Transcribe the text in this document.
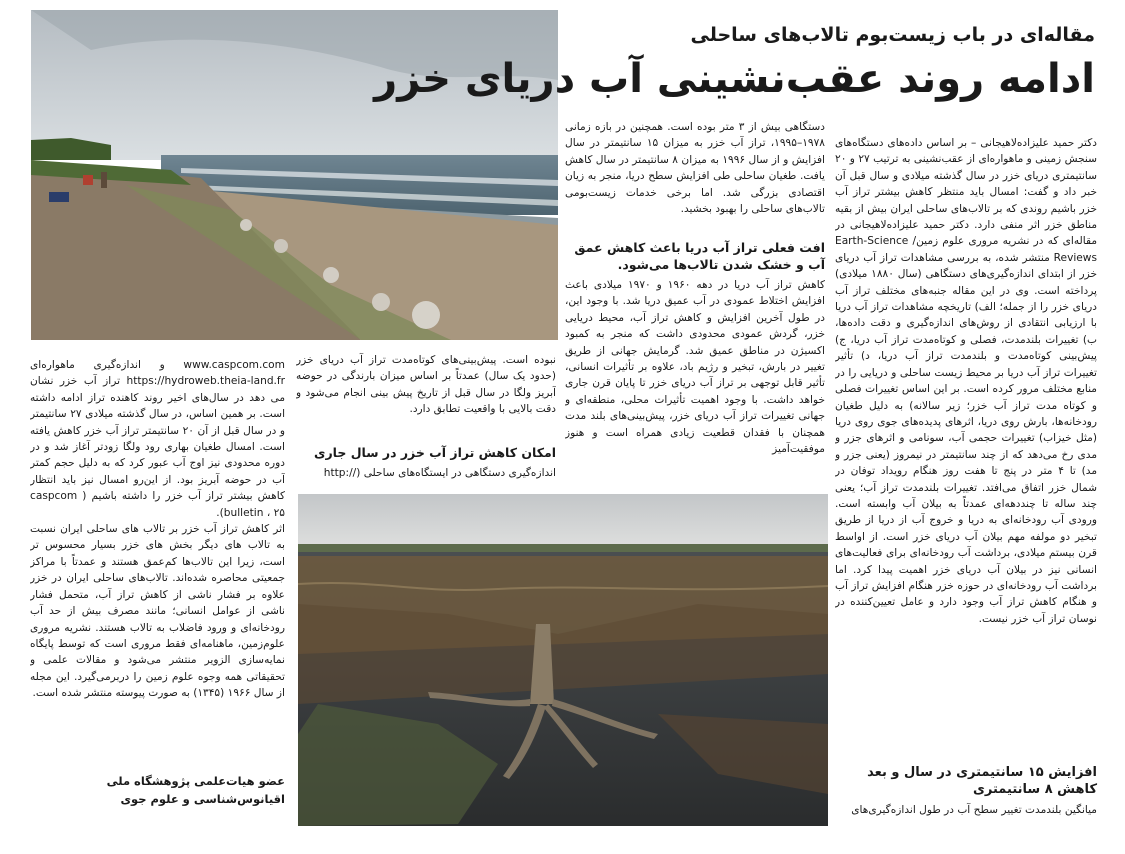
مقاله‌ای در باب زیست‌بوم تالاب‌های ساحلی
ادامه روند عقب‌نشینی آب دریای خزر

دکتر حمید علیزاده‌لاهیجانی – بر اساس داده‌های دستگاه‌های سنجش زمینی و ماهواره‌ای از عقب‌نشینی به ترتیب ۲۷ و ۲۰ سانتیمتری دریای خزر در سال گذشته میلادی و سال قبل آن خبر داد و گفت: امسال باید منتظر کاهش بیشتر تراز آب خزر باشیم روندی که بر تالاب‌های ساحلی ایران بیش از بقیه مناطق خزر اثر منفی دارد. دکتر حمید علیزاده‌لاهیجانی در مقاله‌ای که در نشریه مروری علوم زمین/ Earth-Science Reviews منتشر شده، به بررسی مشاهدات تراز آب دریای خزر از ابتدای اندازه‌گیری‌های دستگاهی (سال ۱۸۸۰ میلادی) پرداخته است. وی در این مقاله جنبه‌های مختلف تراز آب دریای خزر را از جمله؛ الف) تاریخچه مشاهدات تراز آب دریا با ارزیابی انتقادی از روش‌های اندازه‌گیری و دقت داده‌ها، ب) تغییرات بلندمدت، فصلی و کوتاه‌مدت تراز آب دریا، ج) پیش‌بینی کوتاه‌مدت و بلندمدت تراز آب دریا، د) تأثیر تغییرات تراز آب دریا بر محیط زیست ساحلی و دریایی را در منابع مختلف مرور کرده است. بر این اساس تغییرات فصلی و کوتاه مدت تراز آب خزر؛ زیر سالانه) به دلیل طغیان رودخانه‌ها، بارش روی دریا، اثرهای پدیده‌های جوی روی دریا (مثل خیزاب) تغییرات حجمی آب، سونامی و اثرهای جزر و مدی رخ می‌دهد که از چند سانتیمتر در نیمروز (یعنی جزر و مد) تا ۴ متر در پنج تا هفت روز هنگام رویداد توفان در شمال خزر اتفاق می‌افتد. تغییرات بلندمدت تراز آب؛ یعنی چند ساله تا چنددهه‌ای عمدتاً به بیلان آب وابسته است. ورودی آب رودخانه‌ای به دریا و خروج آب از دریا از طریق تبخیر دو مولفه مهم بیلان آب دریای خزر است. از اواسط قرن بیستم میلادی، برداشت آب رودخانه‌ای برای فعالیت‌های انسانی نیز در بیلان آب دریای خزر اهمیت پیدا کرد. اما برداشت آب رودخانه‌ای در حوزه خزر هنگام افزایش تراز آب و هنگام کاهش تراز آب وجود دارد و عامل تعیین‌کننده در نوسان تراز آب خزر نیست.

افزایش ۱۵ سانتیمتری در سال و بعد کاهش ۸ سانتیمتری
میانگین بلندمدت تغییر سطح آب در طول اندازه‌گیری‌های
دستگاهی بیش از ۳ متر بوده است. همچنین در بازه زمانی ۱۹۷۸–۱۹۹۵، تراز آب خزر به میزان ۱۵ سانتیمتر در سال افزایش و از سال ۱۹۹۶ به میزان ۸ سانتیمتر در سال کاهش یافت. طغیان ساحلی طی افزایش سطح دریا، منجر به زیان اقتصادی بزرگی شد. اما برخی خدمات زیست‌بومی تالاب‌های ساحلی را بهبود بخشید.
افت فعلی تراز آب دریا باعث کاهش عمق آب و خشک شدن تالاب‌ها می‌شود.
کاهش تراز آب دریا در دهه ۱۹۶۰ و ۱۹۷۰ میلادی باعث افزایش اختلاط عمودی در آب عمیق دریا شد. با وجود این، در طول آخرین افزایش و کاهش تراز آب، محیط دریایی خزر، گردش عمودی محدودی داشت که منجر به کمبود اکسیژن در مناطق عمیق شد. گرمایش جهانی از طریق تغییر در بارش، تبخیر و رژیم باد، علاوه بر تأثیرات انسانی، تأثیر قابل توجهی بر تراز آب دریای خزر تا پایان قرن جاری خواهد داشت. با وجود اهمیت تأثیرات محلی، منطقه‌ای و جهانی تغییرات تراز آب دریای خزر، پیش‌بینی‌های بلند مدت همچنان با فقدان قطعیت زیادی همراه است و هنوز موفقیت‌آمیز
نبوده است. پیش‌بینی‌های کوتاه‌مدت تراز آب دریای خزر (حدود یک سال) عمدتاً بر اساس میزان بارندگی در حوضه آبریز ولگا در سال قبل از تاریخ پیش بینی انجام می‌شود و دقت بالایی با واقعیت تطابق دارد.
امکان کاهش تراز آب خزر در سال جاری
اندازه‌گیری دستگاهی در ایستگاه‌های ساحلی (//:http

www.caspcom.com و اندازه‌گیری ماهواره‌ای https://hydroweb.theia-land.fr تراز آب خزر نشان می دهد در سال‌های اخیر روند کاهنده تراز ادامه داشته است. بر همین اساس، در سال گذشته میلادی ۲۷ سانتیمتر و در سال قبل از آن ۲۰ سانتیمتر تراز آب خزر کاهش یافته است. امسال طغیان بهاری رود ولگا زودتر آغاز شد و در دوره محدودی نیز اوج آب عبور کرد که به دلیل حجم کمتر آب در حوضه آبریز بود. از این‌رو امسال نیز باید انتظار کاهش بیشتر تراز آب خزر را داشته باشیم ( caspcom bulletin ، ۲۵).

اثر کاهش تراز آب خزر بر تالاب های ساحلی ایران نسبت به تالاب های دیگر بخش های خزر بسیار محسوس تر است، زیرا این تالاب‌ها کم‌عمق هستند و عمدتاً با مراکز جمعیتی محاصره شده‌اند. تالاب‌های ساحلی ایران در خزر علاوه بر فشار ناشی از کاهش تراز آب، متحمل فشار ناشی از عوامل انسانی؛ مانند مصرف بیش از حد آب رودخانه‌ای و ورود فاضلاب به تالاب هستند. نشریه مروری علوم‌زمین، ماهنامه‌ای فقط مروری است که توسط پایگاه نمایه‌سازی الزویر منتشر می‌شود و مقالات علمی و تحقیقاتی همه وجوه علوم زمین را دربرمی‌گیرد. این مجله از سال ۱۹۶۶ (۱۳۴۵) به صورت پیوسته منتشر شده است.

عضو هیات‌علمی پژوهشگاه ملی اقیانوس‌شناسی و علوم جوی
